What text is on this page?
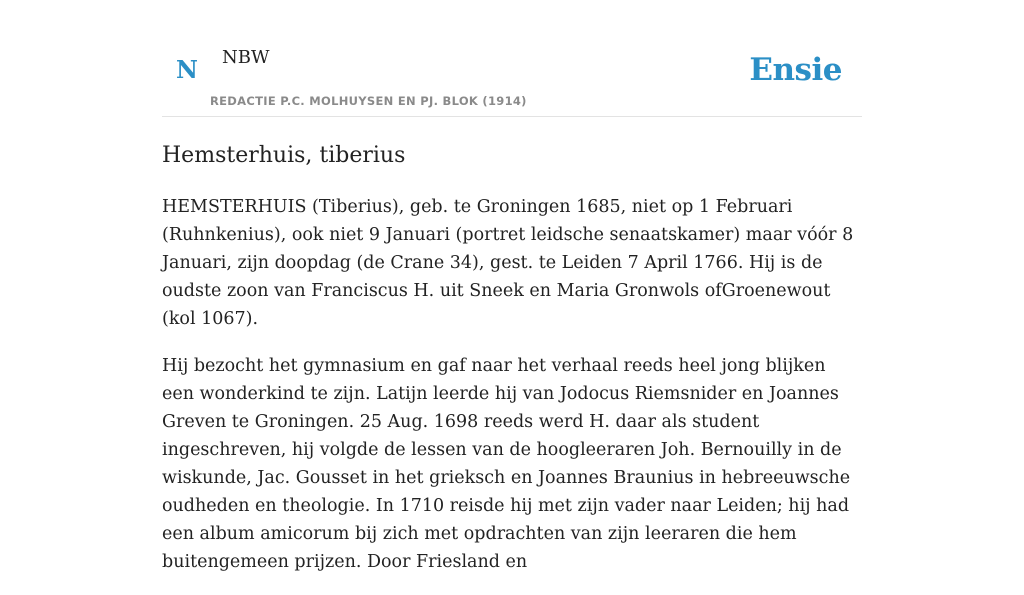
N NBW
REDACTIE P.C. MOLHUYSEN EN PJ. BLOK (1914)
Ensie
Hemsterhuis, tiberius

HEMSTERHUIS (Tiberius), geb. te Groningen 1685, niet op 1 Februari (Ruhnkenius), ook niet 9 Januari (portret leidsche senaatskamer) maar vóór 8 Januari, zijn doopdag (de Crane 34), gest. te Leiden 7 April 1766. Hij is de oudste zoon van Franciscus H. uit Sneek en Maria Gronwols ofGroenewout (kol 1067).

Hij bezocht het gymnasium en gaf naar het verhaal reeds heel jong blijken een wonderkind te zijn. Latijn leerde hij van Jodocus Riemsnider en Joannes Greven te Groningen. 25 Aug. 1698 reeds werd H. daar als student ingeschreven, hij volgde de lessen van de hoogleeraren Joh. Bernouilly in de wiskunde, Jac. Gousset in het grieksch en Joannes Braunius in hebreeuwsche oudheden en theologie. In 1710 reisde hij met zijn vader naar Leiden; hij had een album amicorum bij zich met opdrachten van zijn leeraren die hem buitengemeen prijzen. Door Friesland en
